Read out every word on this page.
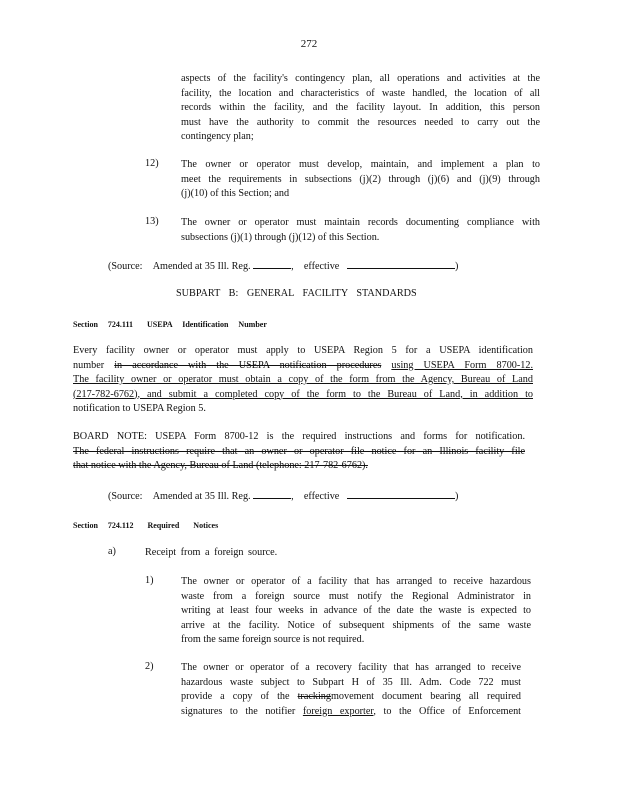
272
aspects of the facility's contingency plan, all operations and activities at the
facility, the location and characteristics of waste handled, the location of all
records within the facility, and the facility layout. In addition, this person
must have the authority to commit the resources needed to carry out the
contingency plan;
12) The owner or operator must develop, maintain, and implement a plan to
meet the requirements in subsections (j)(2) through (j)(6) and (j)(9) through
(j)(10) of this Section; and
13) The owner or operator must maintain records documenting compliance with
subsections (j)(1) through (j)(12) of this Section.
(Source: Amended at 35 Ill. Reg.	, effective	)
SUBPART B: GENERAL FACILITY STANDARDS
Section 724.111 USEPA Identification Number
Every facility owner or operator must apply to USEPA Region 5 for a USEPA identification
number in accordance with the USEPA notification procedures using USEPA Form 8700-12.
The facility owner or operator must obtain a copy of the form from the Agency, Bureau of Land
(217-782-6762), and submit a completed copy of the form to the Bureau of Land, in addition to
notification to USEPA Region 5.
BOARD NOTE: USEPA Form 8700-12 is the required instructions and forms for notification.
The federal instructions require that an owner or operator file notice for an Illinois facility file
that notice with the Agency, Bureau of Land (telephone: 217-782-6762).
(Source: Amended at 35 Ill. Reg.	, effective	)
Section 724.112 Required Notices
a)	Receipt from a foreign source.
1)	The owner or operator of a facility that has arranged to receive hazardous
waste from a foreign source must notify the Regional Administrator in
writing at least four weeks in advance of the date the waste is expected to
arrive at the facility. Notice of subsequent shipments of the same waste
from the same foreign source is not required.
2)	The owner or operator of a recovery facility that has arranged to receive
hazardous waste subject to Subpart H of 35 Ill. Adm. Code 722 must
provide a copy of the trackingmovement document bearing all required
signatures to the notifier foreign exporter, to the Office of Enforcement
